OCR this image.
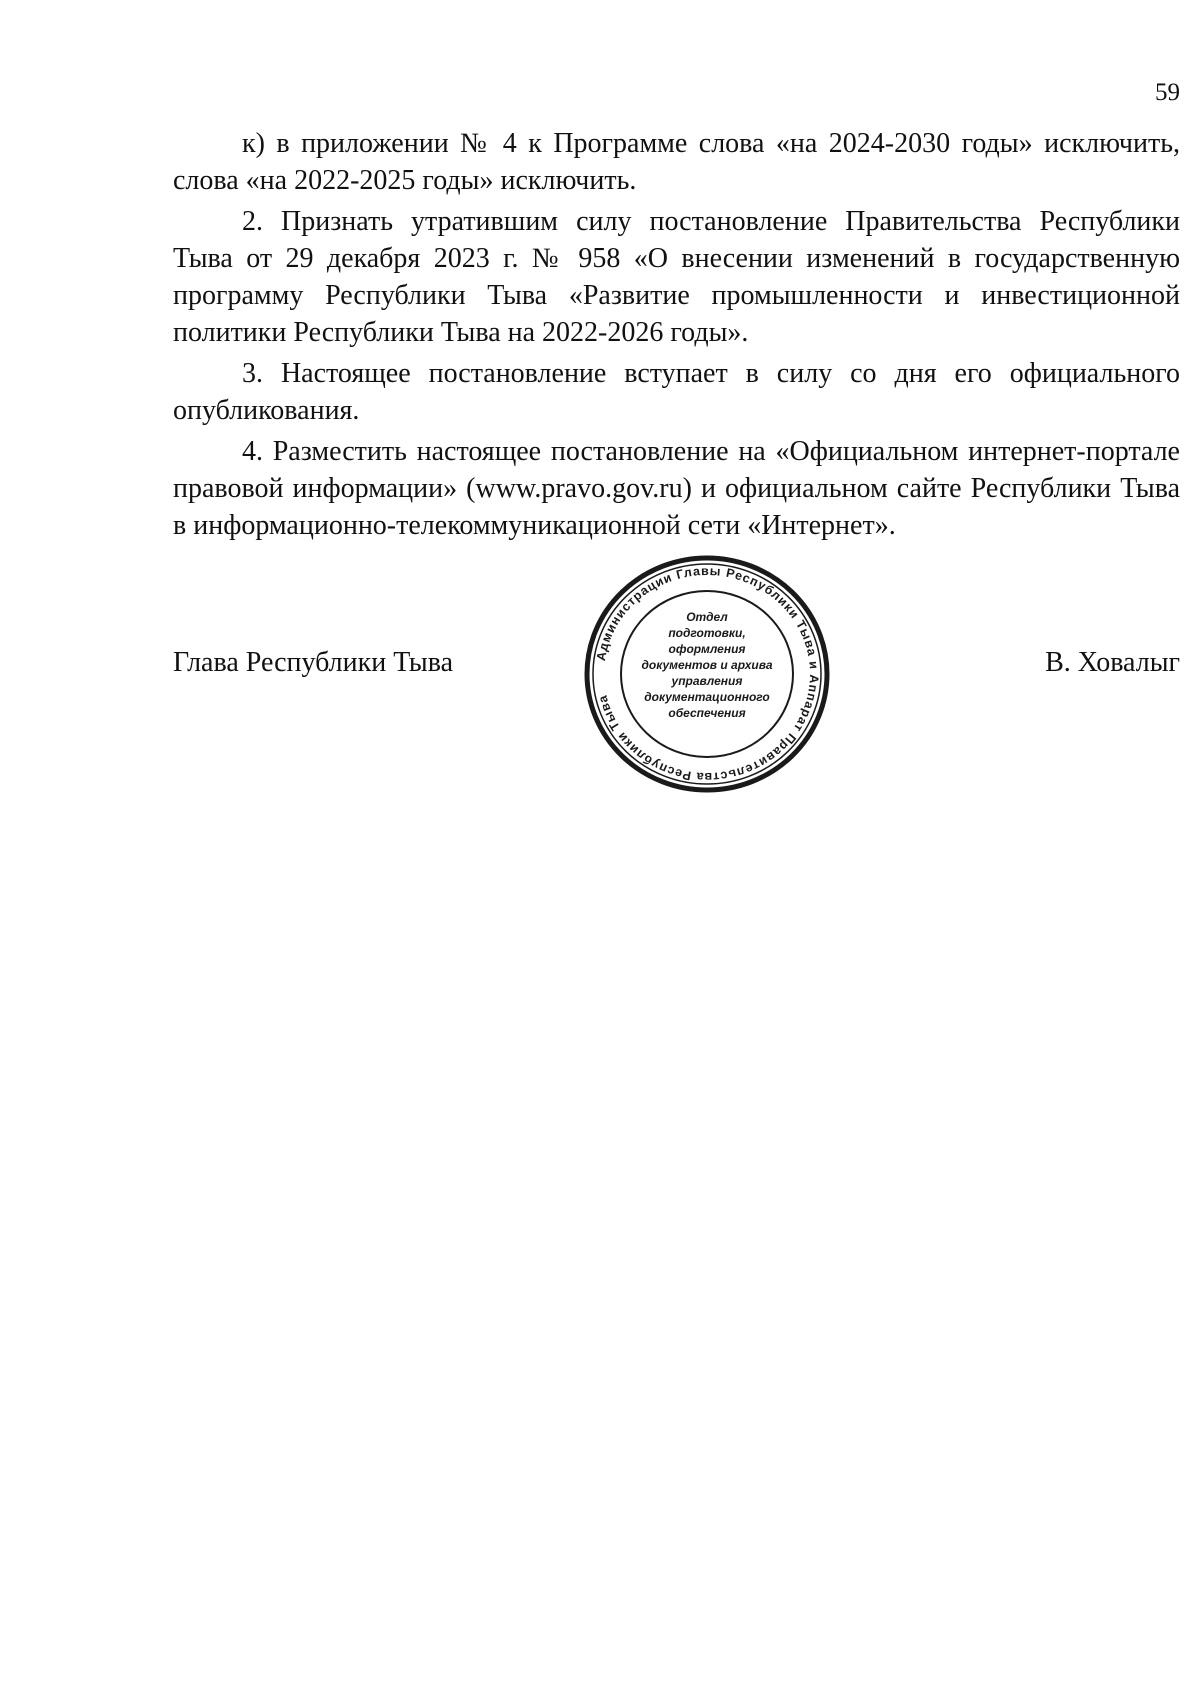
59

к) в приложении № 4 к Программе слова «на 2024-2030 годы» исключить, слова «на 2022-2025 годы» исключить.

2. Признать утратившим силу постановление Правительства Республики Тыва от 29 декабря 2023 г. № 958 «О внесении изменений в государственную программу Республики Тыва «Развитие промышленности и инвестиционной политики Республики Тыва на 2022-2026 годы».

3. Настоящее постановление вступает в силу со дня его официального опубликования.

4. Разместить настоящее постановление на «Официальном интернет-портале правовой информации» (www.pravo.gov.ru) и официальном сайте Республики Тыва в информационно-телекоммуникационной сети «Интернет».

Глава Республики Тыва	В. Ховалыг
Администрации Главы Республики Тыва и Аппарат Правительства Республики Тыва
Отдел
подготовки,
оформления
документов и архива
управления
документационного
обеспечения
